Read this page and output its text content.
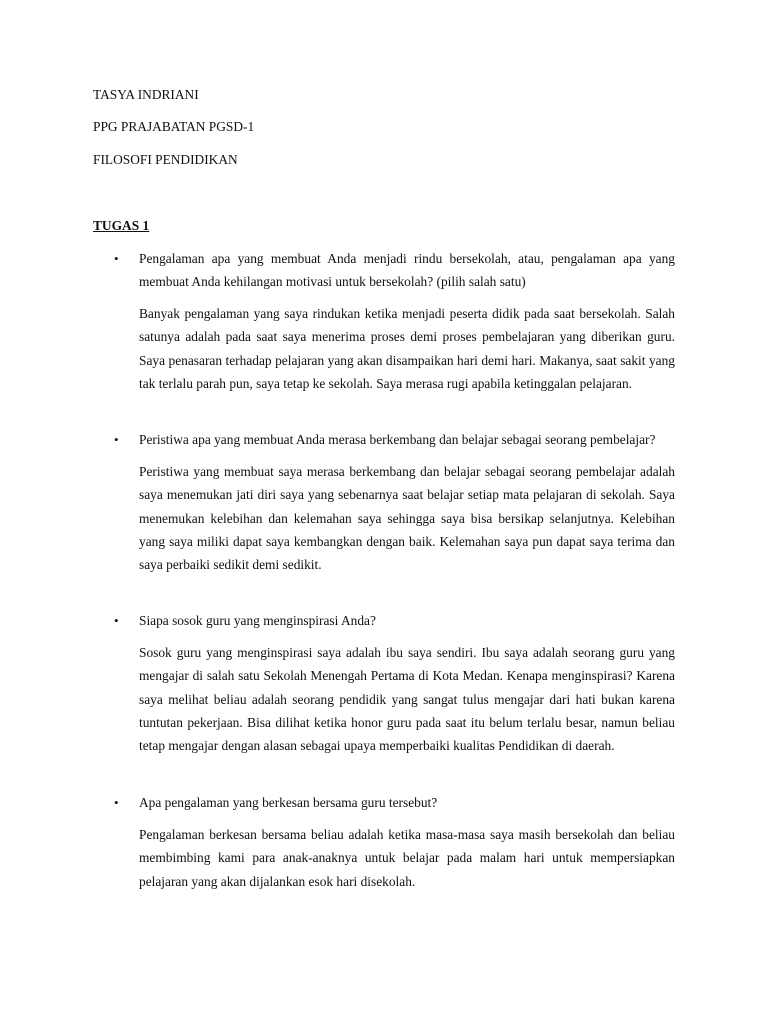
TASYA INDRIANI

PPG PRAJABATAN PGSD-1

FILOSOFI PENDIDIKAN

TUGAS 1
• Pengalaman apa yang membuat Anda menjadi rindu bersekolah, atau, pengalaman apa yang membuat Anda kehilangan motivasi untuk bersekolah? (pilih salah satu)

Banyak pengalaman yang saya rindukan ketika menjadi peserta didik pada saat bersekolah. Salah satunya adalah pada saat saya menerima proses demi proses pembelajaran yang diberikan guru. Saya penasaran terhadap pelajaran yang akan disampaikan hari demi hari. Makanya, saat sakit yang tak terlalu parah pun, saya tetap ke sekolah. Saya merasa rugi apabila ketinggalan pelajaran.

• Peristiwa apa yang membuat Anda merasa berkembang dan belajar sebagai seorang pembelajar?

Peristiwa yang membuat saya merasa berkembang dan belajar sebagai seorang pembelajar adalah saya menemukan jati diri saya yang sebenarnya saat belajar setiap mata pelajaran di sekolah. Saya menemukan kelebihan dan kelemahan saya sehingga saya bisa bersikap selanjutnya. Kelebihan yang saya miliki dapat saya kembangkan dengan baik. Kelemahan saya pun dapat saya terima dan saya perbaiki sedikit demi sedikit.

• Siapa sosok guru yang menginspirasi Anda?

Sosok guru yang menginspirasi saya adalah ibu saya sendiri. Ibu saya adalah seorang guru yang mengajar di salah satu Sekolah Menengah Pertama di Kota Medan. Kenapa menginspirasi? Karena saya melihat beliau adalah seorang pendidik yang sangat tulus mengajar dari hati bukan karena tuntutan pekerjaan. Bisa dilihat ketika honor guru pada saat itu belum terlalu besar, namun beliau tetap mengajar dengan alasan sebagai upaya memperbaiki kualitas Pendidikan di daerah.

• Apa pengalaman yang berkesan bersama guru tersebut?

Pengalaman berkesan bersama beliau adalah ketika masa-masa saya masih bersekolah dan beliau membimbing kami para anak-anaknya untuk belajar pada malam hari untuk mempersiapkan pelajaran yang akan dijalankan esok hari disekolah.
